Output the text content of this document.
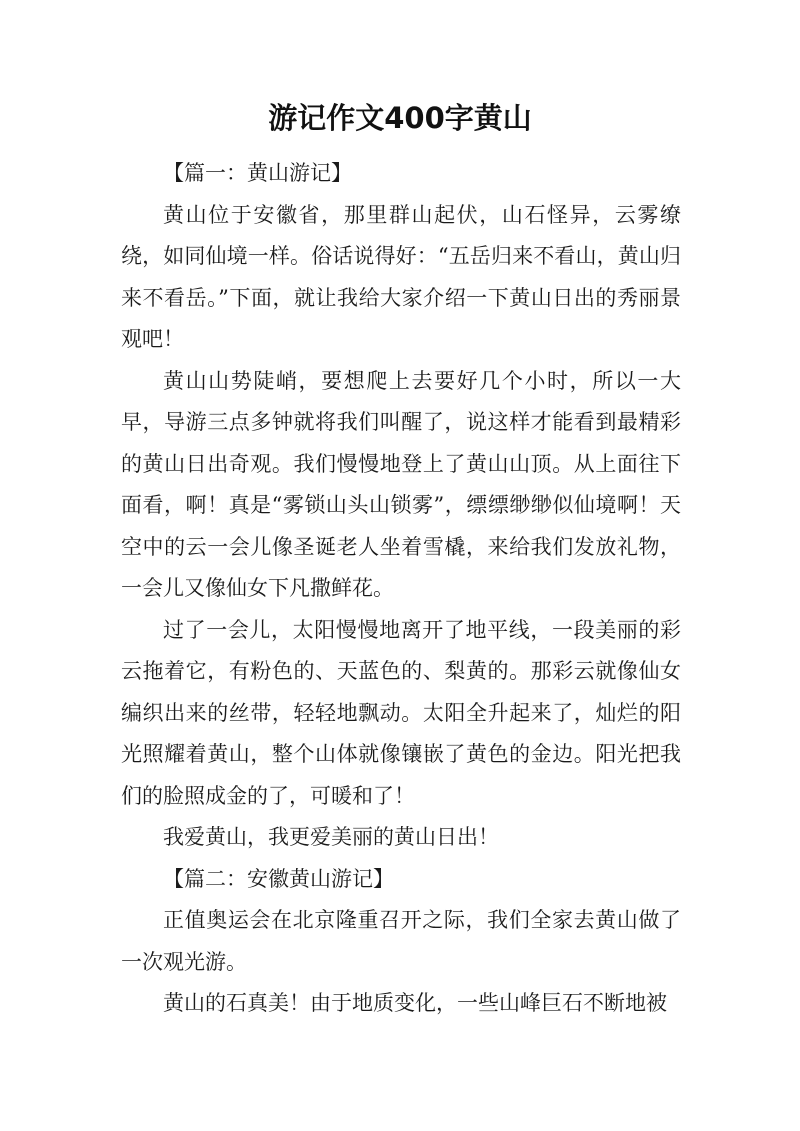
游记作文400字黄山

【篇一：黄山游记】

黄山位于安徽省，那里群山起伏，山石怪异，云雾缭绕，如同仙境一样。俗话说得好：“五岳归来不看山，黄山归来不看岳。”下面，就让我给大家介绍一下黄山日出的秀丽景观吧！

黄山山势陡峭，要想爬上去要好几个小时，所以一大早，导游三点多钟就将我们叫醒了，说这样才能看到最精彩的黄山日出奇观。我们慢慢地登上了黄山山顶。从上面往下面看，啊！真是“雾锁山头山锁雾”，缥缥缈缈似仙境啊！天空中的云一会儿像圣诞老人坐着雪橇，来给我们发放礼物，一会儿又像仙女下凡撒鲜花。

过了一会儿，太阳慢慢地离开了地平线，一段美丽的彩云拖着它，有粉色的、天蓝色的、梨黄的。那彩云就像仙女编织出来的丝带，轻轻地飘动。太阳全升起来了，灿烂的阳光照耀着黄山，整个山体就像镶嵌了黄色的金边。阳光把我们的脸照成金的了，可暖和了！

我爱黄山，我更爱美丽的黄山日出！

【篇二：安徽黄山游记】

正值奥运会在北京隆重召开之际，我们全家去黄山做了一次观光游。

黄山的石真美！由于地质变化，一些山峰巨石不断地被
